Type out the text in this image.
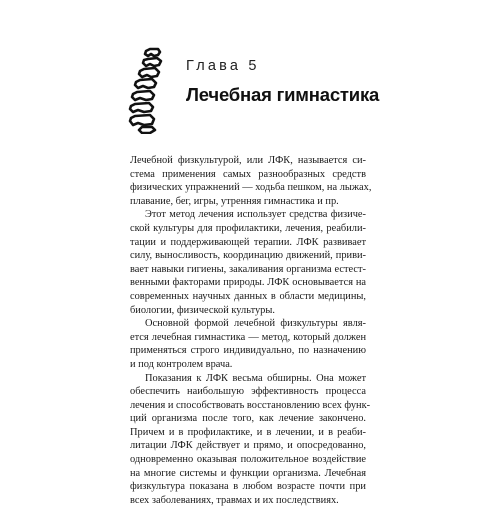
Глава 5
Лечебная гимнастика
Лечебной физкультурой, или ЛФК, называется си-
стема применения самых разнообразных средств
физических упражнений — ходьба пешком, на лыжах,
плавание, бег, игры, утренняя гимнастика и пр.
Этот метод лечения использует средства физиче-
ской культуры для профилактики, лечения, реабили-
тации и поддерживающей терапии. ЛФК развивает
силу, выносливость, координацию движений, приви-
вает навыки гигиены, закаливания организма естест-
венными факторами природы. ЛФК основывается на
современных научных данных в области медицины,
биологии, физической культуры.
Основной формой лечебной физкультуры явля-
ется лечебная гимнастика — метод, который должен
применяться строго индивидуально, по назначению
и под контролем врача.
Показания к ЛФК весьма обширны. Она может
обеспечить наибольшую эффективность процесса
лечения и способствовать восстановлению всех функ-
ций организма после того, как лечение закончено.
Причем и в профилактике, и в лечении, и в реаби-
литации ЛФК действует и прямо, и опосредованно,
одновременно оказывая положительное воздействие
на многие системы и функции организма. Лечебная
физкультура показана в любом возрасте почти при
всех заболеваниях, травмах и их последствиях.
